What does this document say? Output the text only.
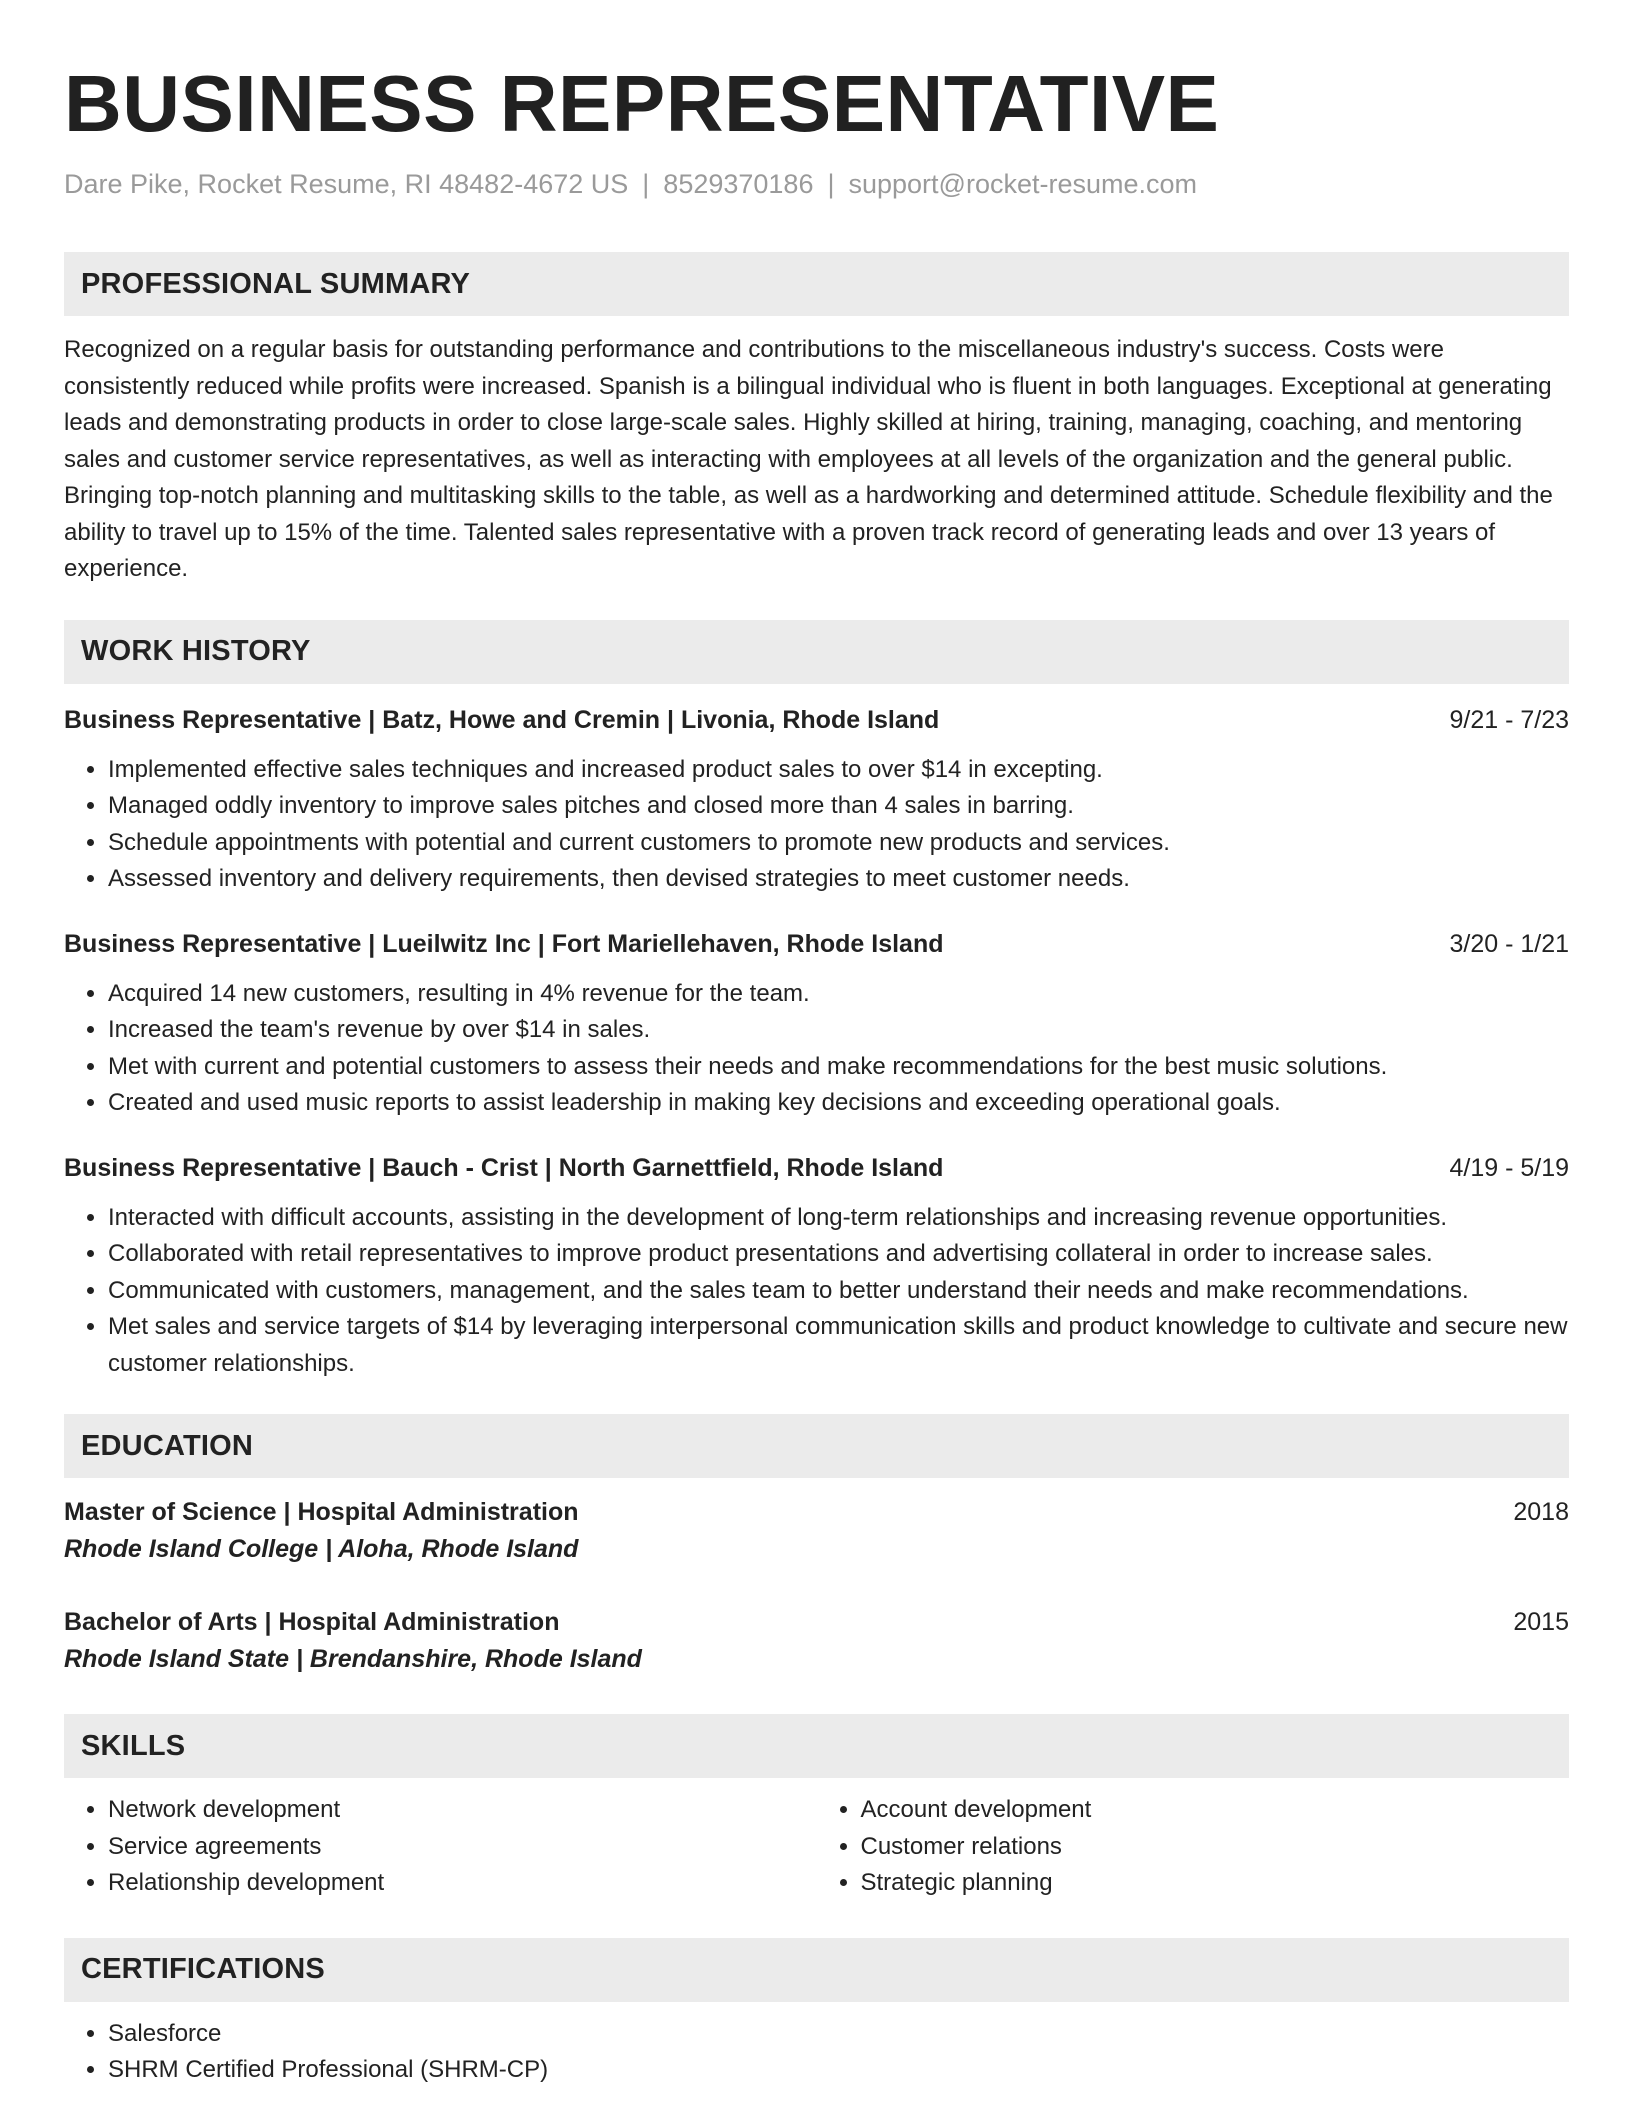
BUSINESS REPRESENTATIVE
Dare Pike, Rocket Resume, RI 48482-4672 US | 8529370186 | support@rocket-resume.com
PROFESSIONAL SUMMARY
Recognized on a regular basis for outstanding performance and contributions to the miscellaneous industry's success. Costs were consistently reduced while profits were increased. Spanish is a bilingual individual who is fluent in both languages. Exceptional at generating leads and demonstrating products in order to close large-scale sales. Highly skilled at hiring, training, managing, coaching, and mentoring sales and customer service representatives, as well as interacting with employees at all levels of the organization and the general public. Bringing top-notch planning and multitasking skills to the table, as well as a hardworking and determined attitude. Schedule flexibility and the ability to travel up to 15% of the time. Talented sales representative with a proven track record of generating leads and over 13 years of experience.
WORK HISTORY
Business Representative | Batz, Howe and Cremin | Livonia, Rhode Island	9/21 - 7/23
• Implemented effective sales techniques and increased product sales to over $14 in excepting.
• Managed oddly inventory to improve sales pitches and closed more than 4 sales in barring.
• Schedule appointments with potential and current customers to promote new products and services.
• Assessed inventory and delivery requirements, then devised strategies to meet customer needs.
Business Representative | Lueilwitz Inc | Fort Mariellehaven, Rhode Island	3/20 - 1/21
• Acquired 14 new customers, resulting in 4% revenue for the team.
• Increased the team's revenue by over $14 in sales.
• Met with current and potential customers to assess their needs and make recommendations for the best music solutions.
• Created and used music reports to assist leadership in making key decisions and exceeding operational goals.
Business Representative | Bauch - Crist | North Garnettfield, Rhode Island	4/19 - 5/19
• Interacted with difficult accounts, assisting in the development of long-term relationships and increasing revenue opportunities.
• Collaborated with retail representatives to improve product presentations and advertising collateral in order to increase sales.
• Communicated with customers, management, and the sales team to better understand their needs and make recommendations.
• Met sales and service targets of $14 by leveraging interpersonal communication skills and product knowledge to cultivate and secure new customer relationships.
EDUCATION
Master of Science | Hospital Administration	2018
Rhode Island College | Aloha, Rhode Island
Bachelor of Arts | Hospital Administration	2015
Rhode Island State | Brendanshire, Rhode Island
SKILLS
• Network development
• Service agreements
• Relationship development
• Account development
• Customer relations
• Strategic planning
CERTIFICATIONS
• Salesforce
• SHRM Certified Professional (SHRM-CP)
